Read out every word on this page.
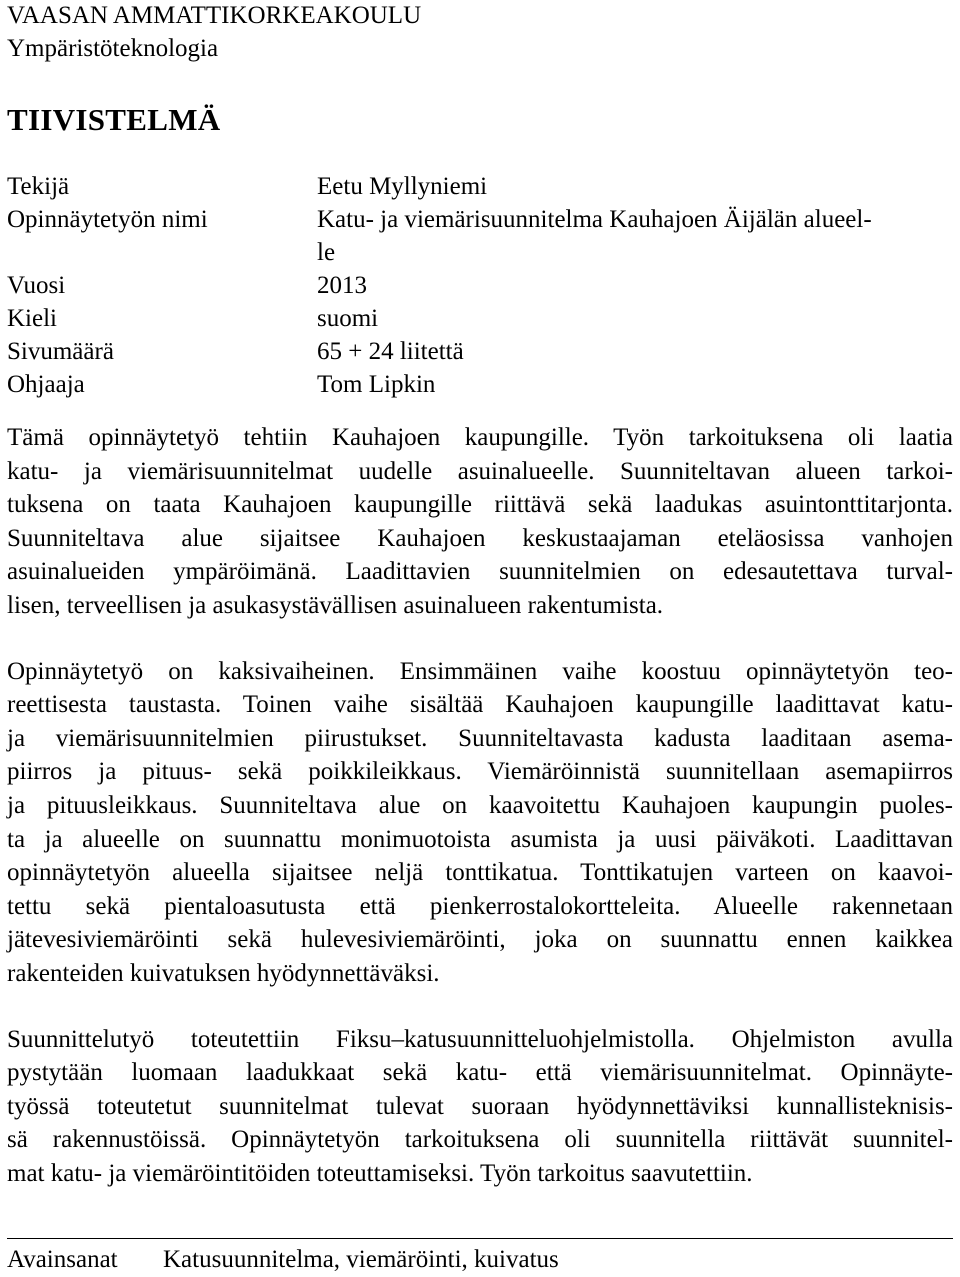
VAASAN AMMATTIKORKEAKOULU
Ympäristöteknologia
TIIVISTELMÄ
Tekijä	Eetu Myllyniemi
Opinnäytetyön nimi	Katu- ja viemärisuunnitelma Kauhajoen Äijälän alueel-
le
Vuosi	2013
Kieli	suomi
Sivumäärä	65 + 24 liitettä
Ohjaaja	Tom Lipkin
Tämä opinnäytetyö tehtiin Kauhajoen kaupungille. Työn tarkoituksena oli laatia
katu- ja viemärisuunnitelmat uudelle asuinalueelle. Suunniteltavan alueen tarkoi-
tuksena on taata Kauhajoen kaupungille riittävä sekä laadukas asuintonttitarjonta.
Suunniteltava alue sijaitsee Kauhajoen keskustaajaman eteläosissa vanhojen
asuinalueiden ympäröimänä. Laadittavien suunnitelmien on edesautettava turval-
lisen, terveellisen ja asukasystävällisen asuinalueen rakentumista.
Opinnäytetyö on kaksivaiheinen. Ensimmäinen vaihe koostuu opinnäytetyön teo-
reettisesta taustasta. Toinen vaihe sisältää Kauhajoen kaupungille laadittavat katu-
ja viemärisuunnitelmien piirustukset. Suunniteltavasta kadusta laaditaan asema-
piirros ja pituus- sekä poikkileikkaus. Viemäröinnistä suunnitellaan asemapiirros
ja pituusleikkaus. Suunniteltava alue on kaavoitettu Kauhajoen kaupungin puoles-
ta ja alueelle on suunnattu monimuotoista asumista ja uusi päiväkoti. Laadittavan
opinnäytetyön alueella sijaitsee neljä tonttikatua. Tonttikatujen varteen on kaavoi-
tettu sekä pientaloasutusta että pienkerrostalokortteleita. Alueelle rakennetaan
jätevesiviemäröinti sekä hulevesiviemäröinti, joka on suunnattu ennen kaikkea
rakenteiden kuivatuksen hyödynnettäväksi.
Suunnittelutyö toteutettiin Fiksu–katusuunnitteluohjelmistolla. Ohjelmiston avulla
pystytään luomaan laadukkaat sekä katu- että viemärisuunnitelmat. Opinnäyte-
työssä toteutetut suunnitelmat tulevat suoraan hyödynnettäviksi kunnallisteknisis-
sä rakennustöissä. Opinnäytetyön tarkoituksena oli suunnitella riittävät suunnitel-
mat katu- ja viemäröintitöiden toteuttamiseksi. Työn tarkoitus saavutettiin.
Avainsanat	Katusuunnitelma, viemäröinti, kuivatus
